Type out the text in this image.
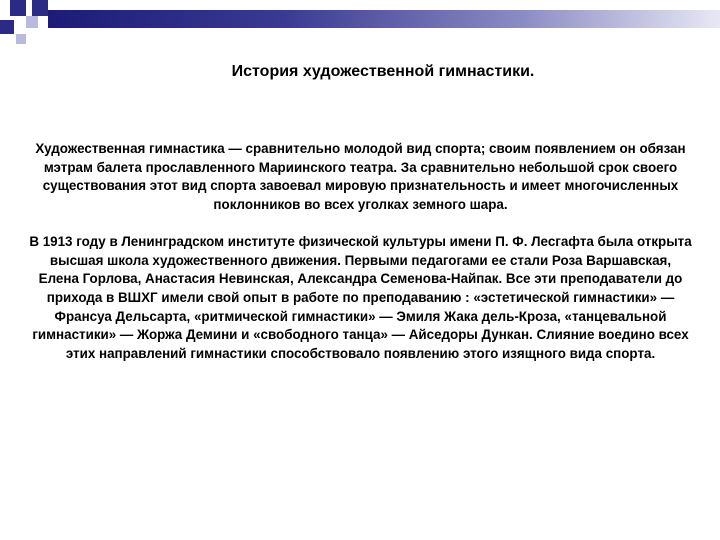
История художественной гимнастики.

Художественная гимнастика — сравнительно молодой вид спорта; своим появлением он обязан мэтрам балета прославленного Мариинского театра. За сравнительно небольшой срок своего существования этот вид спорта завоевал мировую признательность и имеет многочисленных поклонников во всех уголках земного шара.

В 1913 году в Ленинградском институте физической культуры имени П. Ф. Лесгафта была открыта высшая школа художественного движения. Первыми педагогами ее стали Роза Варшавская, Елена Горлова, Анастасия Невинская, Александра Семенова-Найпак. Все эти преподаватели до прихода в ВШХГ имели свой опыт в работе по преподаванию : «эстетической гимнастики» — Франсуа Дельсарта, «ритмической гимнастики» — Эмиля Жака дель-Кроза, «танцевальной гимнастики» — Жоржа Демини и «свободного танца» — Айседоры Дункан. Слияние воедино всех этих направлений гимнастики способствовало появлению этого изящного вида спорта.
